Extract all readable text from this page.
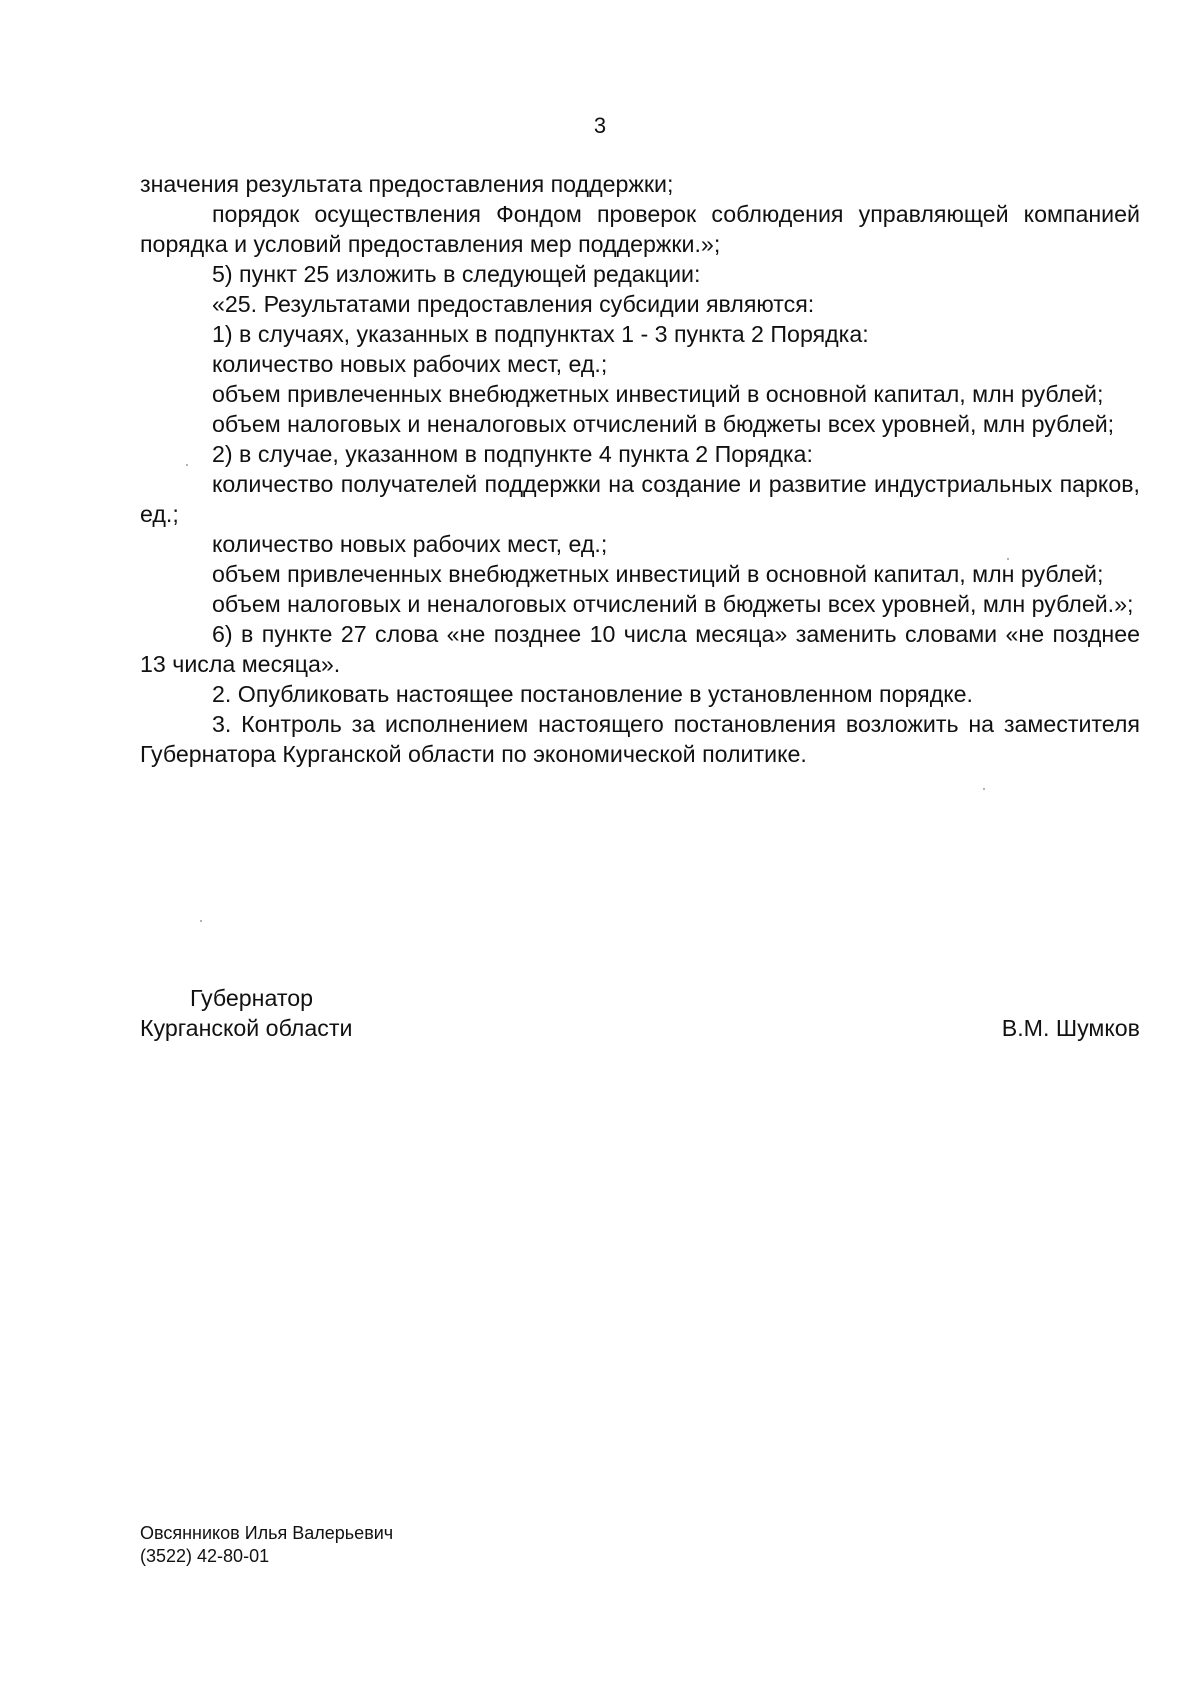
3

значения результата предоставления поддержки;

порядок осуществления Фондом проверок соблюдения управляющей компанией порядка и условий предоставления мер поддержки.»;

5) пункт 25 изложить в следующей редакции:

«25. Результатами предоставления субсидии являются:

1) в случаях, указанных в подпунктах 1 - 3 пункта 2 Порядка:

количество новых рабочих мест, ед.;

объем привлеченных внебюджетных инвестиций в основной капитал, млн рублей;

объем налоговых и неналоговых отчислений в бюджеты всех уровней, млн рублей;

2) в случае, указанном в подпункте 4 пункта 2 Порядка:

количество получателей поддержки на создание и развитие индустриальных парков, ед.;

количество новых рабочих мест, ед.;

объем привлеченных внебюджетных инвестиций в основной капитал, млн рублей;

объем налоговых и неналоговых отчислений в бюджеты всех уровней, млн рублей.»;

6) в пункте 27 слова «не позднее 10 числа месяца» заменить словами «не позднее 13 числа месяца».

2. Опубликовать настоящее постановление в установленном порядке.

3. Контроль за исполнением настоящего постановления возложить на заместителя Губернатора Курганской области по экономической политике.

Губернатор
Курганской области	В.М. Шумков
Овсянников Илья Валерьевич
(3522) 42-80-01
